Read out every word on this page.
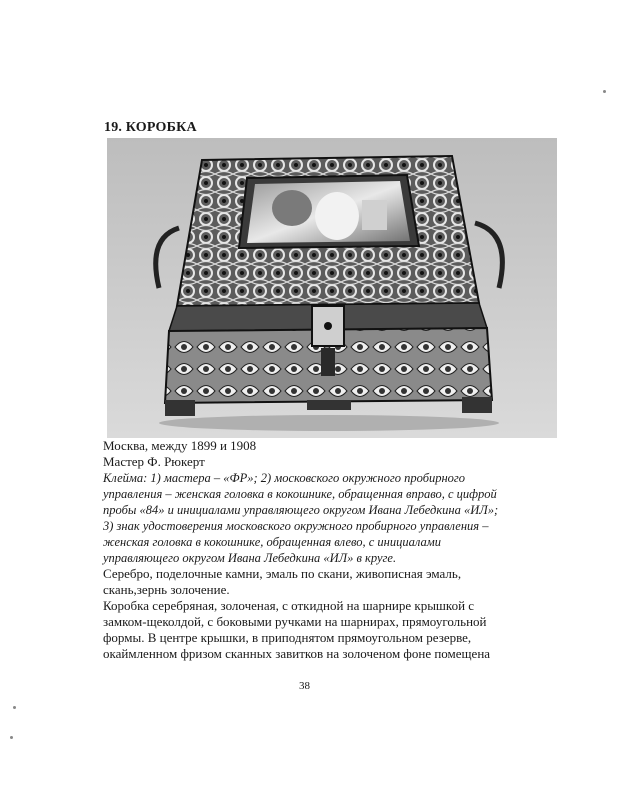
19. КОРОБКА
Москва, между 1899 и 1908
Мастер Ф. Рюкерт
Клейма: 1) мастера – «ФР»; 2) московского окружного пробирного
управления – женская головка в кокошнике, обращенная вправо, с цифрой
пробы «84» и инициалами управляющего округом Ивана Лебедкина «ИЛ»;
3) знак удостоверения московского окружного пробирного управления –
женская головка в кокошнике, обращенная влево, с инициалами
управляющего округом Ивана Лебедкина «ИЛ» в круге.
Серебро, поделочные камни, эмаль по скани, живописная эмаль,
скань,зернь золочение.
Коробка серебряная, золоченая, с откидной на шарнире крышкой с
замком-щеколдой, с боковыми ручками на шарнирах, прямоугольной
формы. В центре крышки, в приподнятом прямоугольном резерве,
окаймленном фризом сканных завитков на золоченом фоне помещена
38
